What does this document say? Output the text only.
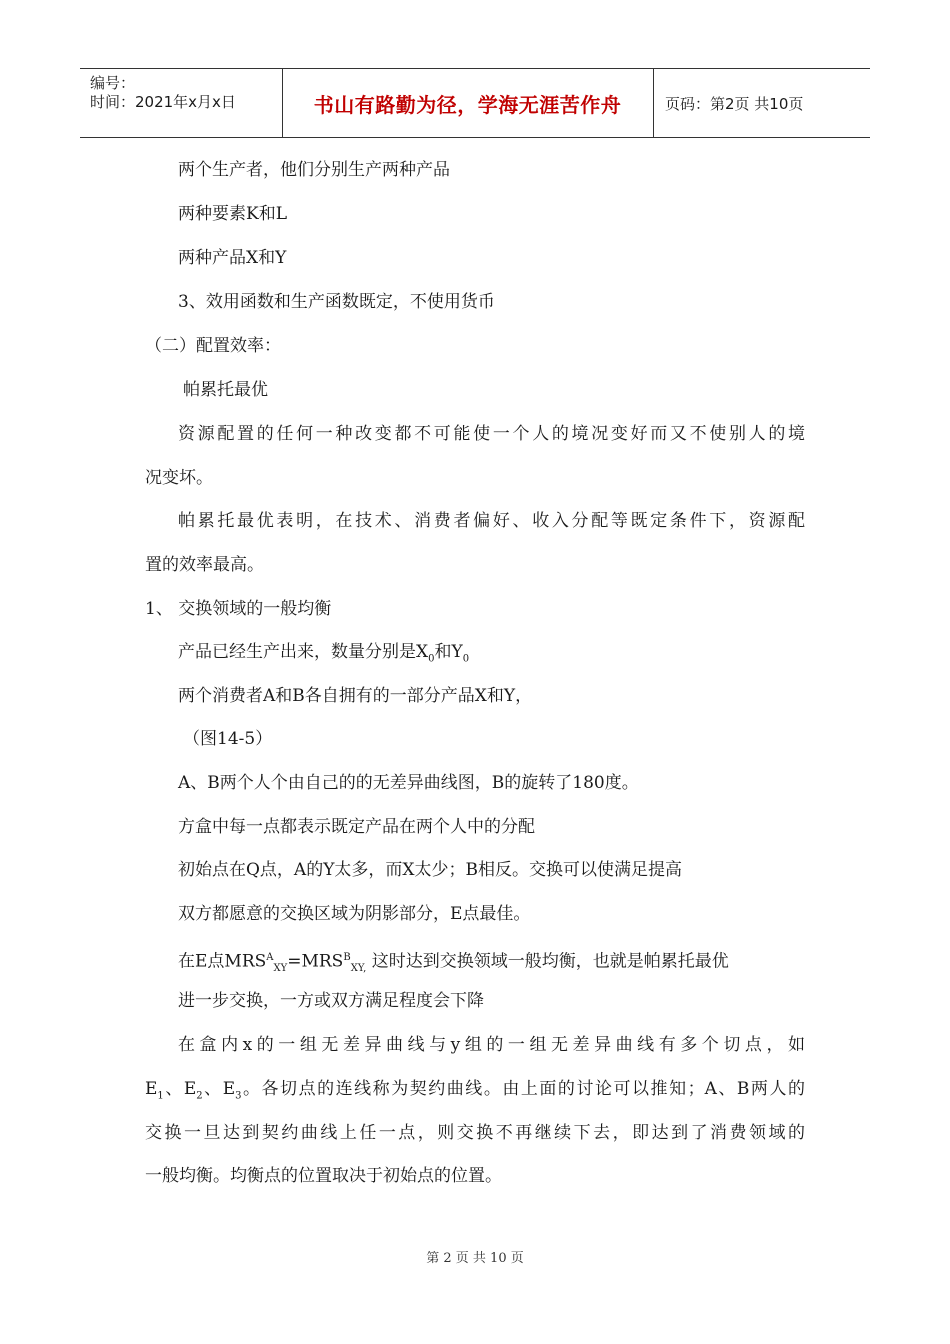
编号：
时间：2021年x月x日	书山有路勤为径，学海无涯苦作舟	页码：第2页 共10页
两个生产者，他们分别生产两种产品
两种要素K和L
两种产品X和Y
3、效用函数和生产函数既定，不使用货币
（二）配置效率：
帕累托最优
资源配置的任何一种改变都不可能使一个人的境况变好而又不使别人的境
况变坏。
帕累托最优表明，在技术、消费者偏好、收入分配等既定条件下，资源配
置的效率最高。
1、 交换领域的一般均衡
产品已经生产出来，数量分别是$X_0$和$Y_0$
两个消费者A和B各自拥有的一部分产品X和Y，
（图14-5）
A、B两个人个由自己的的无差异曲线图，B的旋转了180度。
方盒中每一点都表示既定产品在两个人中的分配
初始点在Q点，A的Y太多，而X太少；B相反。交换可以使满足提高
双方都愿意的交换区域为阴影部分，E点最佳。
在E点$MRS^A_{XY}=MRS^B_{XY,}$ 这时达到交换领域一般均衡，也就是帕累托最优
进一步交换，一方或双方满足程度会下降
在盒内x的一组无差异曲线与y组的一组无差异曲线有多个切点，如
$E_1$、$E_2$、$E_3$。各切点的连线称为契约曲线。由上面的讨论可以推知；A、B两人的
交换一旦达到契约曲线上任一点，则交换不再继续下去，即达到了消费领域的
一般均衡。均衡点的位置取决于初始点的位置。
第 2 页 共 10 页
